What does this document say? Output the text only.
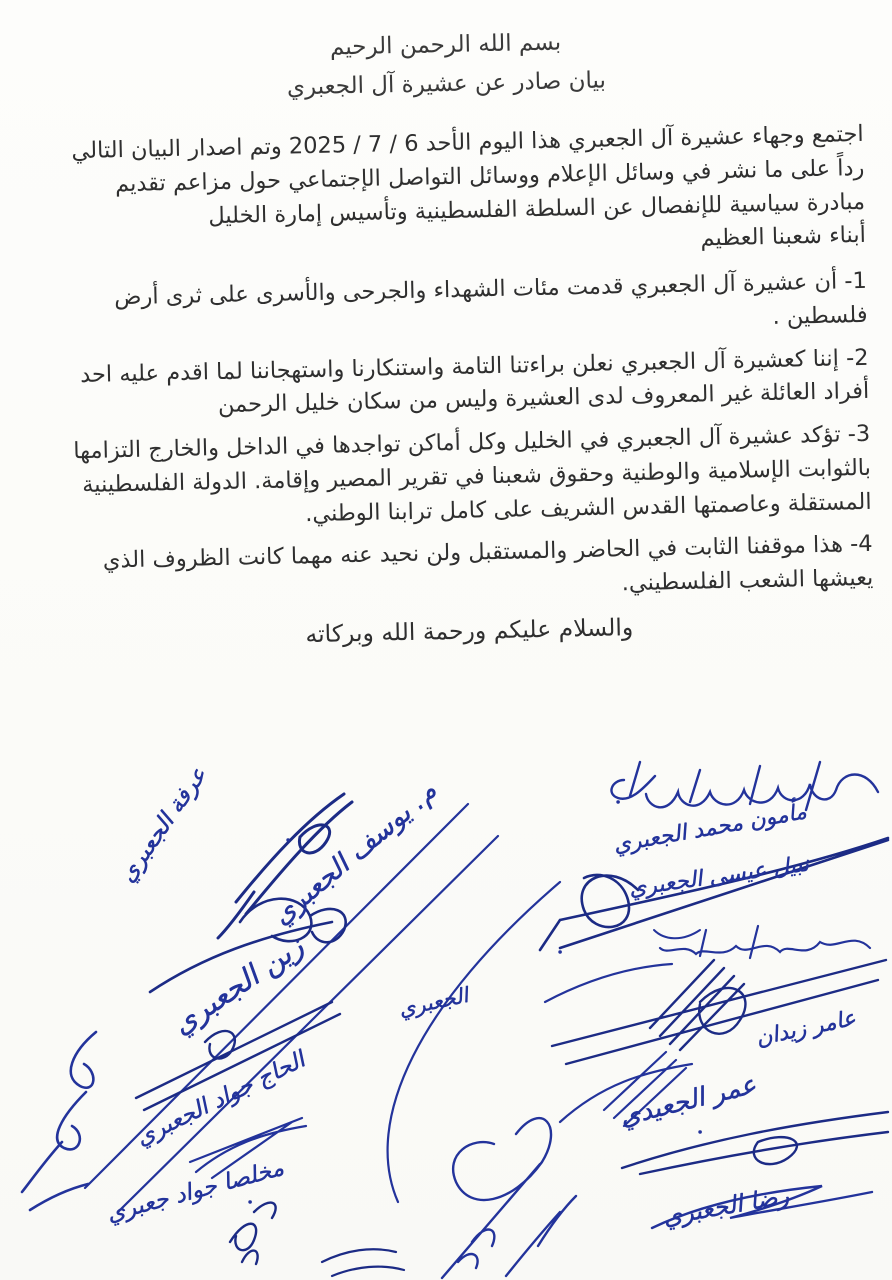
بسم الله الرحمن الرحيم
بيان صادر عن عشيرة آل الجعبري

اجتمع وجهاء عشيرة آل الجعبري هذا اليوم الأحد 6 / 7 / 2025 وتم اصدار البيان التالي رداً على ما نشر في وسائل الإعلام ووسائل التواصل الإجتماعي حول مزاعم تقديم مبادرة سياسية للإنفصال عن السلطة الفلسطينية وتأسيس إمارة الخليل

أبناء شعبنا العظيم

1- أن عشيرة آل الجعبري قدمت مئات الشهداء والجرحى والأسرى على ثرى أرض فلسطين .

2- إننا كعشيرة آل الجعبري نعلن براءتنا التامة واستنكارنا واستهجاننا لما اقدم عليه احد أفراد العائلة غير المعروف لدى العشيرة وليس من سكان خليل الرحمن

3- تؤكد عشيرة آل الجعبري في الخليل وكل أماكن تواجدها في الداخل والخارج التزامها بالثوابت الإسلامية والوطنية وحقوق شعبنا في تقرير المصير وإقامة. الدولة الفلسطينية المستقلة وعاصمتها القدس الشريف على كامل ترابنا الوطني.

4- هذا موقفنا الثابت في الحاضر والمستقبل ولن نحيد عنه مهما كانت الظروف الذي يعيشها الشعب الفلسطيني.

والسلام عليكم ورحمة الله وبركاته

عرفة الجعبري م. يوسف الجعبري	مأمون محمد الجعبري
نبيل عيسى الجعبري
زين الجعبري	الجعبري
عامر زيدان
عمر الجعيدي
الحاج جواد الجعبري
مخلصا جواد جعبري	رضا الجعبري
